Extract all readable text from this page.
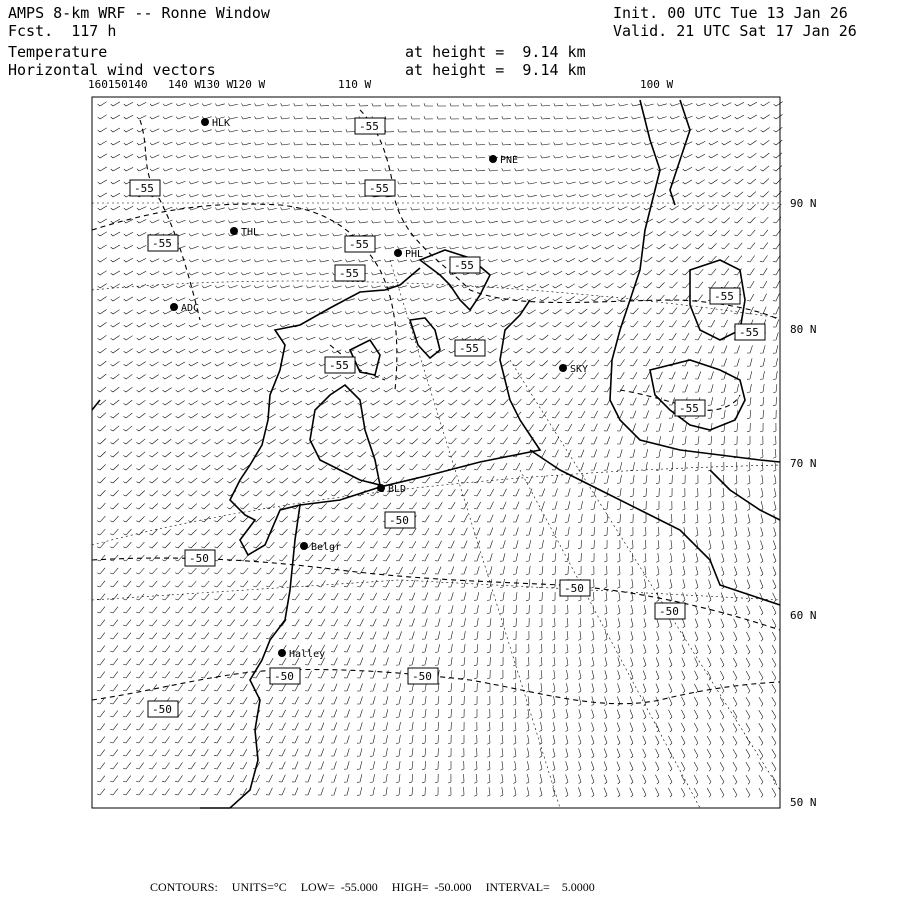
AMPS 8-km WRF -- Ronne Window
Fcst. 117 h
Temperature
Horizontal wind vectors
Init. 00 UTC Tue 13 Jan 26
Valid. 21 UTC Sat 17 Jan 26
at height =  9.14 km
at height =  9.14 km
-55
-55	-55
-55	-55
-55
-55
-55
-55
-55
-55
-55
-50
-50
-50
-50
-50
-50
-50
HLK
PNE
THL
PHL
ADC
SKY
BLD
Belgr
Halley
160150140 140 W
130 W
120 W	110 W	100 W
90 N
80 N
70 N
60 N
50 N
CONTOURS: UNITS=°C LOW=  -55.000 HIGH=  -50.000 INTERVAL=    5.0000
